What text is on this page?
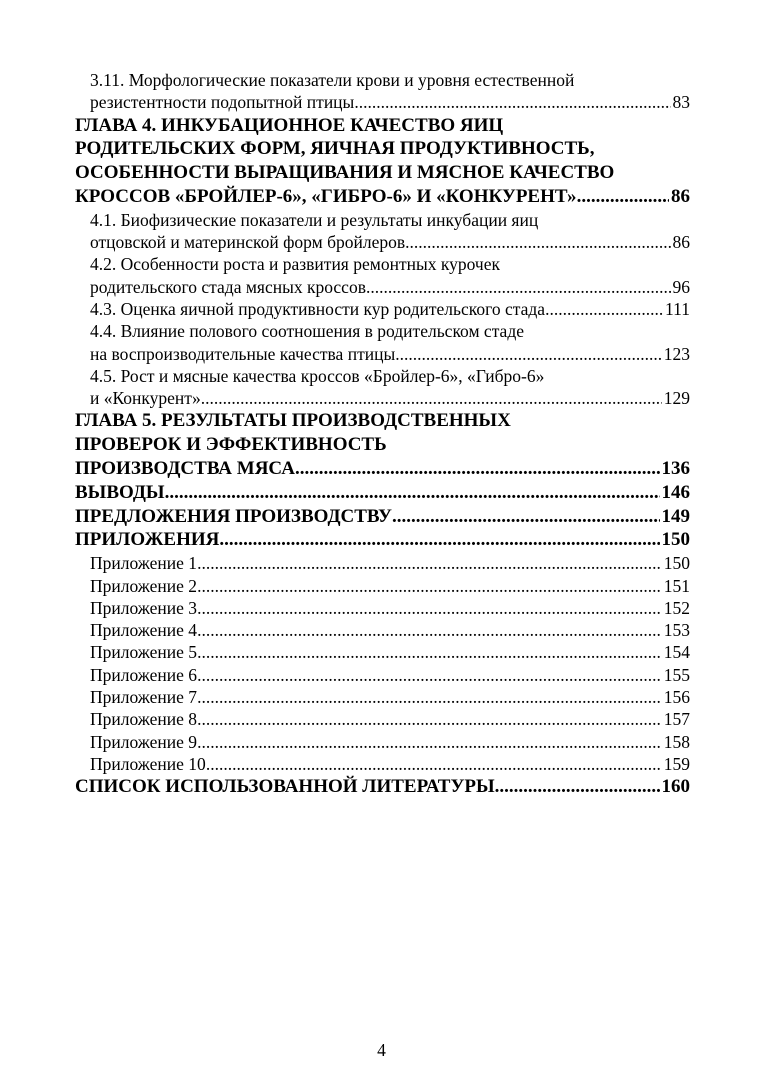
3.11. Морфологические показатели крови и уровня естественной
резистентности подопытной птицы .....	83
ГЛАВА 4. ИНКУБАЦИОННОЕ КАЧЕСТВО ЯИЦ
РОДИТЕЛЬСКИХ ФОРМ, ЯИЧНАЯ ПРОДУКТИВНОСТЬ,
ОСОБЕННОСТИ ВЫРАЩИВАНИЯ И МЯСНОЕ КАЧЕСТВО
КРОССОВ «БРОЙЛЕР-6», «ГИБРО-6» И «КОНКУРЕНТ» .....	86
4.1. Биофизические показатели и результаты инкубации яиц
отцовской и материнской форм бройлеров .....	86
4.2. Особенности роста и развития ремонтных курочек
родительского стада мясных кроссов .....	96
4.3. Оценка яичной продуктивности кур родительского стада .....	111
4.4. Влияние полового соотношения в родительском стаде
на воспроизводительные качества птицы .....	123
4.5. Рост и мясные качества кроссов «Бройлер-6», «Гибро-6»
и «Конкурент» .....	129
ГЛАВА 5. РЕЗУЛЬТАТЫ ПРОИЗВОДСТВЕННЫХ
ПРОВЕРОК И ЭФФЕКТИВНОСТЬ
ПРОИЗВОДСТВА МЯСА .....	136
ВЫВОДЫ .....	146
ПРЕДЛОЖЕНИЯ ПРОИЗВОДСТВУ .....	149
ПРИЛОЖЕНИЯ .....	150
Приложение 1 .....	150
Приложение 2 .....	151
Приложение 3 .....	152
Приложение 4 .....	153
Приложение 5 .....	154
Приложение 6 .....	155
Приложение 7 .....	156
Приложение 8 .....	157
Приложение 9 .....	158
Приложение 10 .....	159
СПИСОК ИСПОЛЬЗОВАННОЙ ЛИТЕРАТУРЫ .....	160
4
